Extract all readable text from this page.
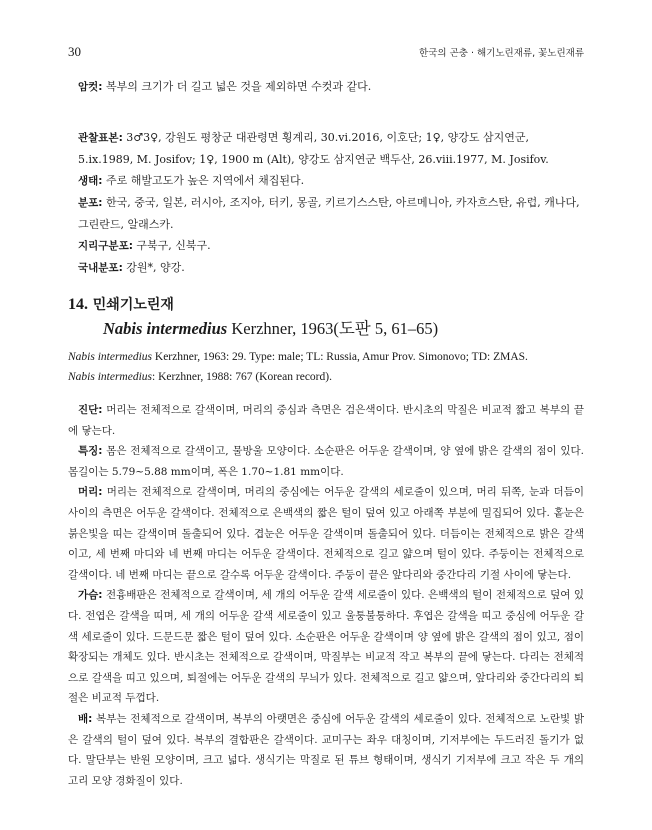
30	한국의 곤충 · 해기노린재류, 꽃노린재류

암컷: 복부의 크기가 더 길고 넓은 것을 제외하면 수컷과 같다.

관찰표본: 3♂3♀, 강원도 평창군 대관령면 횡계리, 30.vi.2016, 이호단; 1♀, 양강도 삼지연군, 5.ix.1989, M. Josifov; 1♀, 1900 m (Alt), 양강도 삼지연군 백두산, 26.viii.1977, M. Josifov.

생태: 주로 해발고도가 높은 지역에서 채집된다.

분포: 한국, 중국, 일본, 러시아, 조지아, 터키, 몽골, 키르기스스탄, 아르메니아, 카자흐스탄, 유럽, 캐나다, 그린란드, 알래스카.

지리구분포: 구북구, 신북구.

국내분포: 강원*, 양강.

14. 민쇄기노린재
Nabis intermedius Kerzhner, 1963(도판 5, 61–65)
Nabis intermedius Kerzhner, 1963: 29. Type: male; TL: Russia, Amur Prov. Simonovo; TD: ZMAS.
Nabis intermedius: Kerzhner, 1988: 767 (Korean record).

진단: 머리는 전체적으로 갈색이며, 머리의 중심과 측면은 검은색이다. 반시초의 막질은 비교적 짧고 복부의 끝에 닿는다.

특징: 몸은 전체적으로 갈색이고, 물방울 모양이다. 소순판은 어두운 갈색이며, 양 옆에 밝은 갈색의 점이 있다. 몸길이는 5.79~5.88 mm이며, 폭은 1.70~1.81 mm이다.

머리: 머리는 전체적으로 갈색이며, 머리의 중심에는 어두운 갈색의 세로줄이 있으며, 머리 뒤쪽, 눈과 더듬이 사이의 측면은 어두운 갈색이다. 전체적으로 은백색의 짧은 털이 덮여 있고 아래쪽 부분에 밀집되어 있다. 홑눈은 붉은빛을 띠는 갈색이며 돌출되어 있다. 겹눈은 어두운 갈색이며 돌출되어 있다. 더듬이는 전체적으로 밝은 갈색이고, 세 번째 마디와 네 번째 마디는 어두운 갈색이다. 전체적으로 길고 얇으며 털이 있다. 주둥이는 전체적으로 갈색이다. 네 번째 마디는 끝으로 갈수록 어두운 갈색이다. 주둥이 끝은 앞다리와 중간다리 기절 사이에 닿는다.

가슴: 전흉배판은 전체적으로 갈색이며, 세 개의 어두운 갈색 세로줄이 있다. 은백색의 털이 전체적으로 덮여 있다. 전엽은 갈색을 띠며, 세 개의 어두운 갈색 세로줄이 있고 울퉁불퉁하다. 후엽은 갈색을 띠고 중심에 어두운 갈색 세로줄이 있다. 드문드문 짧은 털이 덮여 있다. 소순판은 어두운 갈색이며 양 옆에 밝은 갈색의 점이 있고, 점이 확장되는 개체도 있다. 반시초는 전체적으로 갈색이며, 막질부는 비교적 작고 복부의 끝에 닿는다. 다리는 전체적으로 갈색을 띠고 있으며, 퇴절에는 어두운 갈색의 무늬가 있다. 전체적으로 길고 얇으며, 앞다리와 중간다리의 퇴절은 비교적 두껍다.

배: 복부는 전체적으로 갈색이며, 복부의 아랫면은 중심에 어두운 갈색의 세로줄이 있다. 전체적으로 노란빛 밝은 갈색의 털이 덮여 있다. 복부의 결합판은 갈색이다. 교미구는 좌우 대칭이며, 기저부에는 두드러진 돌기가 없다. 말단부는 반원 모양이며, 크고 넓다. 생식기는 막질로 된 튜브 형태이며, 생식기 기저부에 크고 작은 두 개의 고리 모양 경화질이 있다.
